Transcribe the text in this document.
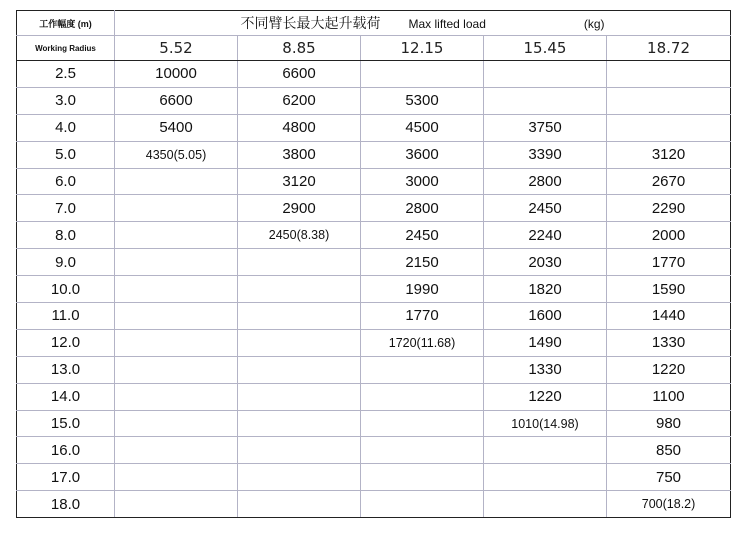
工作幅度 (m)	不同臂长最大起升载荷 Max lifted load (kg)				
Working Radius	5.52	8.85	12.15	15.45	18.72
2.5	10000	6600			
3.0	6600	6200	5300		
4.0	5400	4800	4500	3750	
5.0	4350(5.05)	3800	3600	3390	3120
6.0		3120	3000	2800	2670
7.0		2900	2800	2450	2290
8.0		2450(8.38)	2450	2240	2000
9.0			2150	2030	1770
10.0			1990	1820	1590
11.0			1770	1600	1440
12.0			1720(11.68)	1490	1330
13.0				1330	1220
14.0				1220	1100
15.0				1010(14.98)	980
16.0					850
17.0					750
18.0					700(18.2)
